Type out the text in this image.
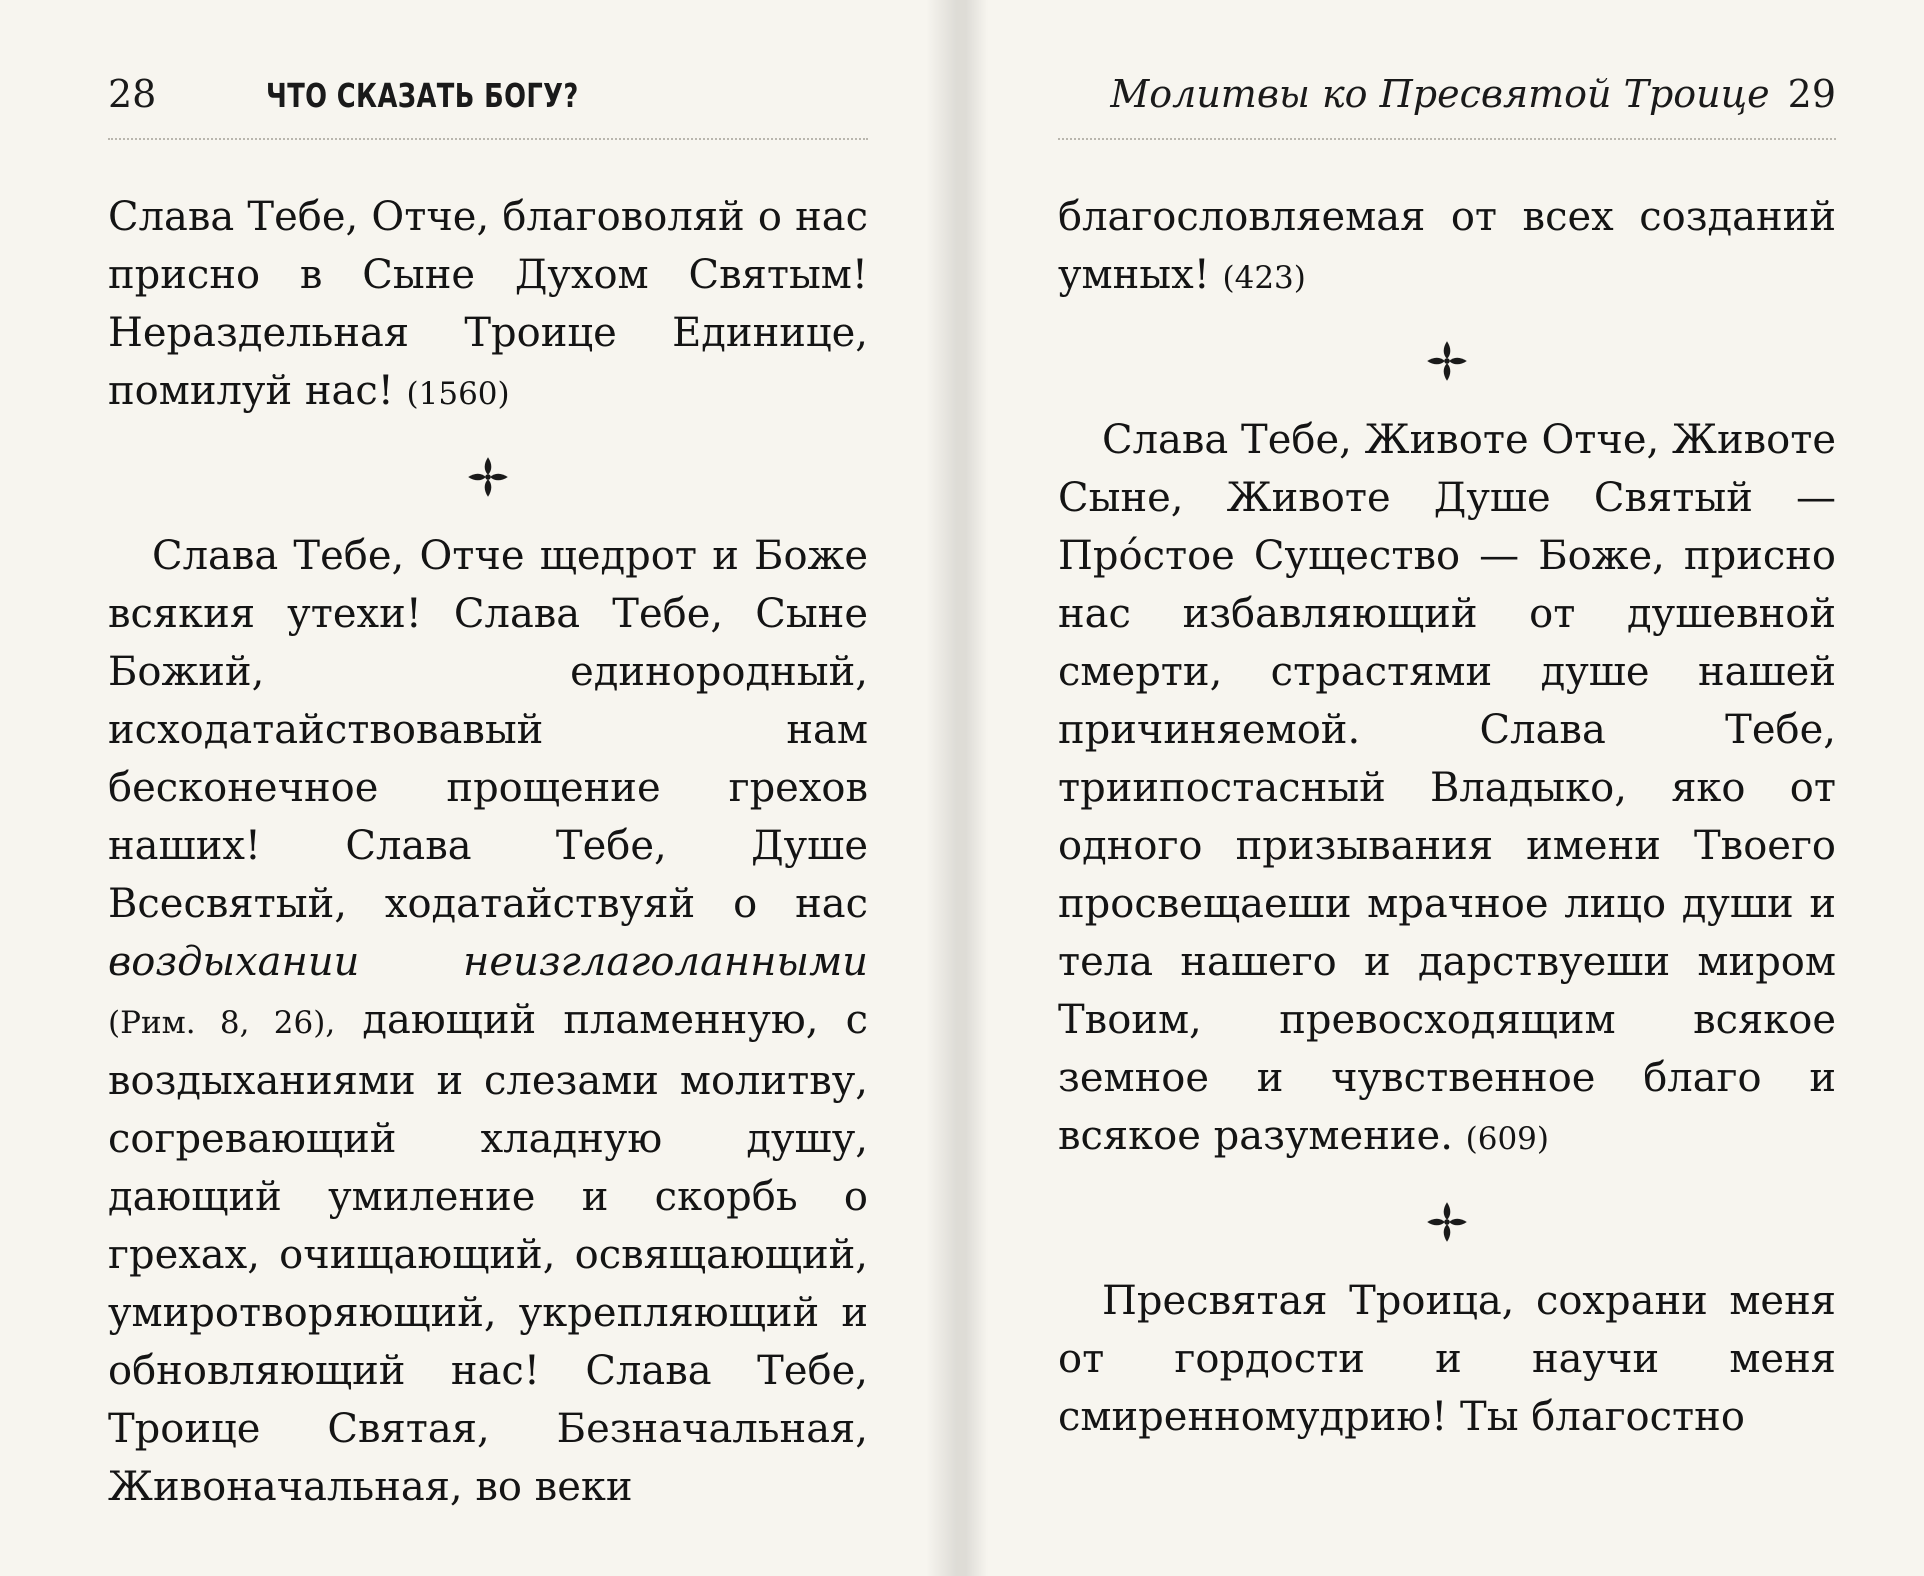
28	ЧТО СКАЗАТЬ БОГУ?

Слава Тебе, Отче, благоволяй о нас присно в Сыне Духом Святым! Нераздельная Троице Единице, помилуй нас! (1560)

Слава Тебе, Отче щедрот и Боже всякия утехи! Слава Тебе, Сыне Божий, единородный, исходатайствовавый нам бесконечное прощение грехов наших! Слава Тебе, Душе Всесвятый, ходатайствуяй о нас воздыхании неизглаголанными (Рим. 8, 26), дающий пламенную, с воздыханиями и слезами молитву, согревающий хладную душу, дающий умиление и скорбь о грехах, очищающий, освящающий, умиротворяющий, укрепляющий и обновляющий нас! Слава Тебе, Троице Святая, Безначальная, Живоначальная, во веки

Молитвы ко Пресвятой Троице 29

благословляемая от всех созданий умных! (423)

Слава Тебе, Животе Отче, Животе Сыне, Животе Душе Святый — Про́стое Существо — Боже, присно нас избавляющий от душевной смерти, страстями душе нашей причиняемой. Слава Тебе, триипостасный Владыко, яко от одного призывания имени Твоего просвещаеши мрачное лицо души и тела нашего и дарствуеши миром Твоим, превосходящим всякое земное и чувственное благо и всякое разумение. (609)

Пресвятая Троица, сохрани меня от гордости и научи меня смиренномудрию! Ты благостно
